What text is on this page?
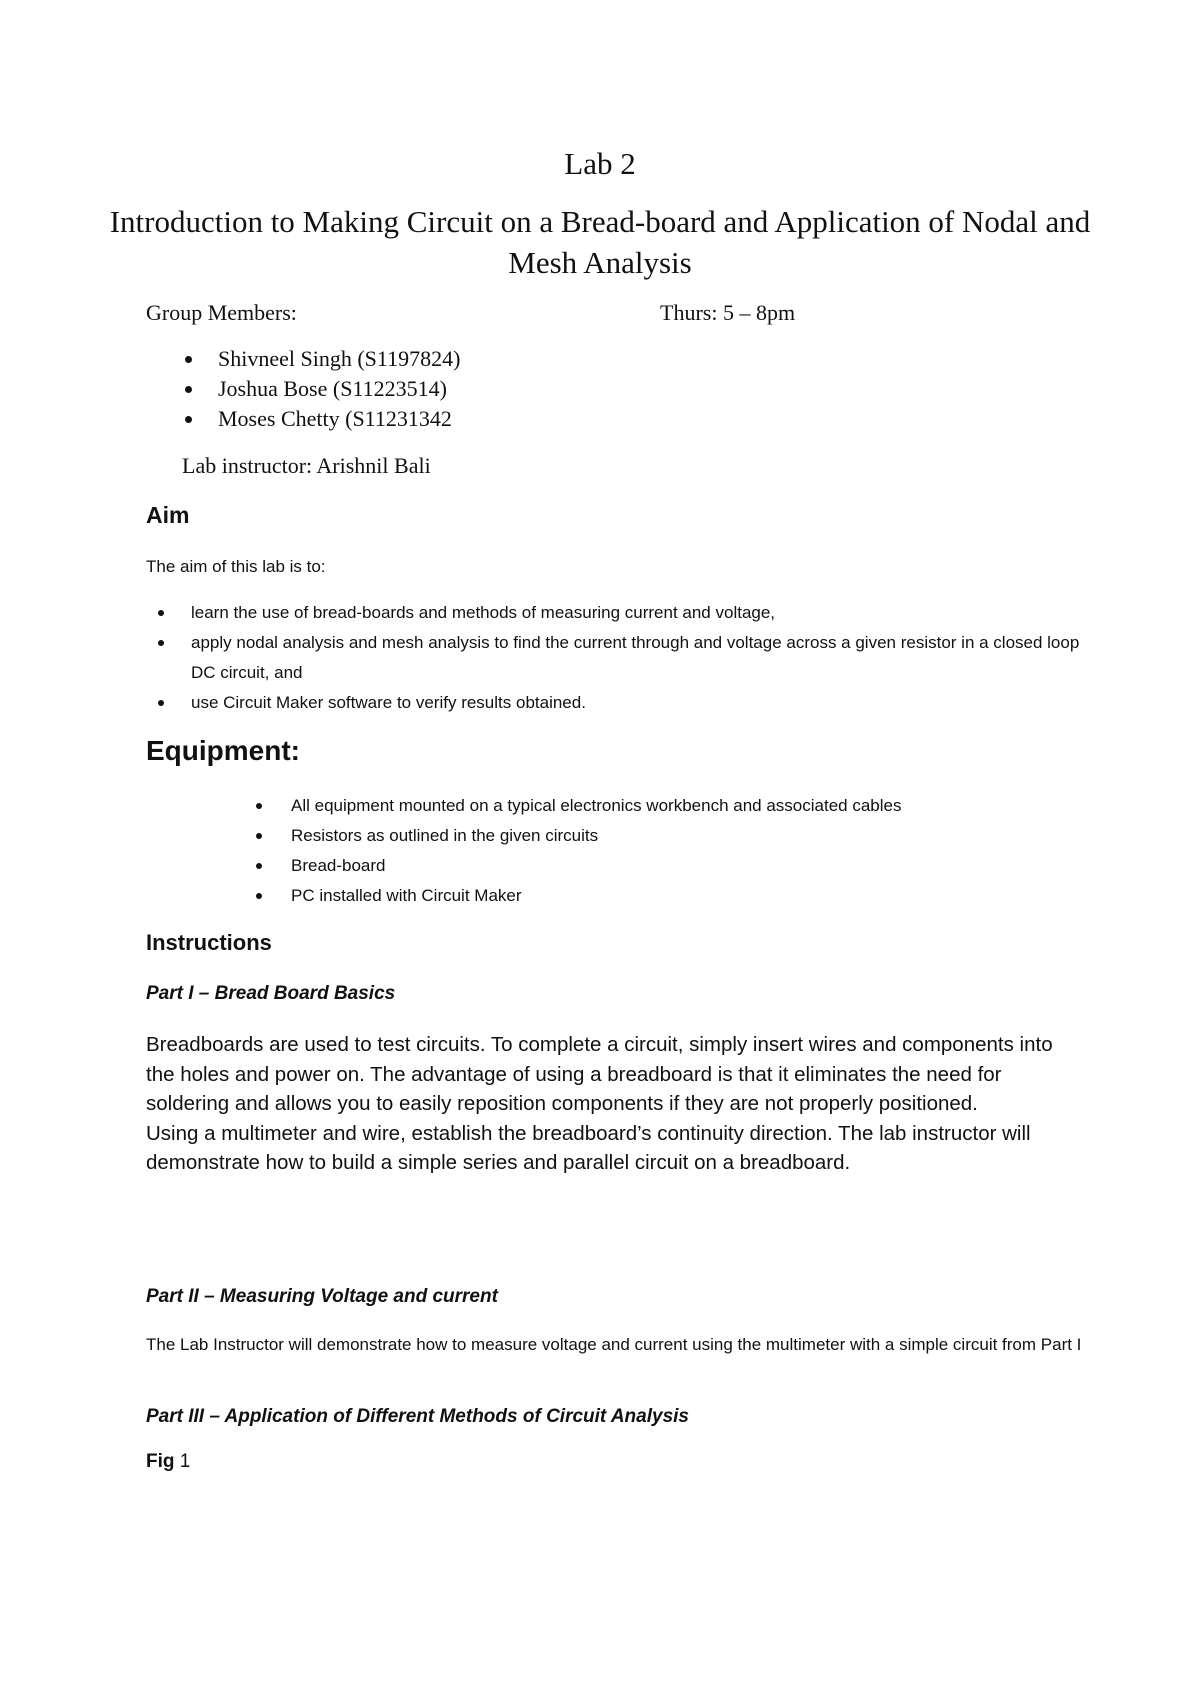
Lab 2
Introduction to Making Circuit on a Bread-board and Application of Nodal and Mesh Analysis
Group Members:	Thurs: 5 – 8pm
Shivneel Singh (S1197824)
Joshua Bose (S11223514)
Moses Chetty (S11231342
Lab instructor: Arishnil Bali
Aim
The aim of this lab is to:
learn the use of bread-boards and methods of measuring current and voltage,
apply nodal analysis and mesh analysis to find the current through and voltage across a given resistor in a closed loop DC circuit, and
use Circuit Maker software to verify results obtained.
Equipment:
All equipment mounted on a typical electronics workbench and associated cables
Resistors as outlined in the given circuits
Bread-board
PC installed with Circuit Maker
Instructions
Part I – Bread Board Basics

Breadboards are used to test circuits. To complete a circuit, simply insert wires and components into the holes and power on. The advantage of using a breadboard is that it eliminates the need for soldering and allows you to easily reposition components if they are not properly positioned.

Using a multimeter and wire, establish the breadboard’s continuity direction. The lab instructor will demonstrate how to build a simple series and parallel circuit on a breadboard.

Part II – Measuring Voltage and current
The Lab Instructor will demonstrate how to measure voltage and current using the multimeter with a simple circuit from Part I
Part III – Application of Different Methods of Circuit Analysis
Fig 1
